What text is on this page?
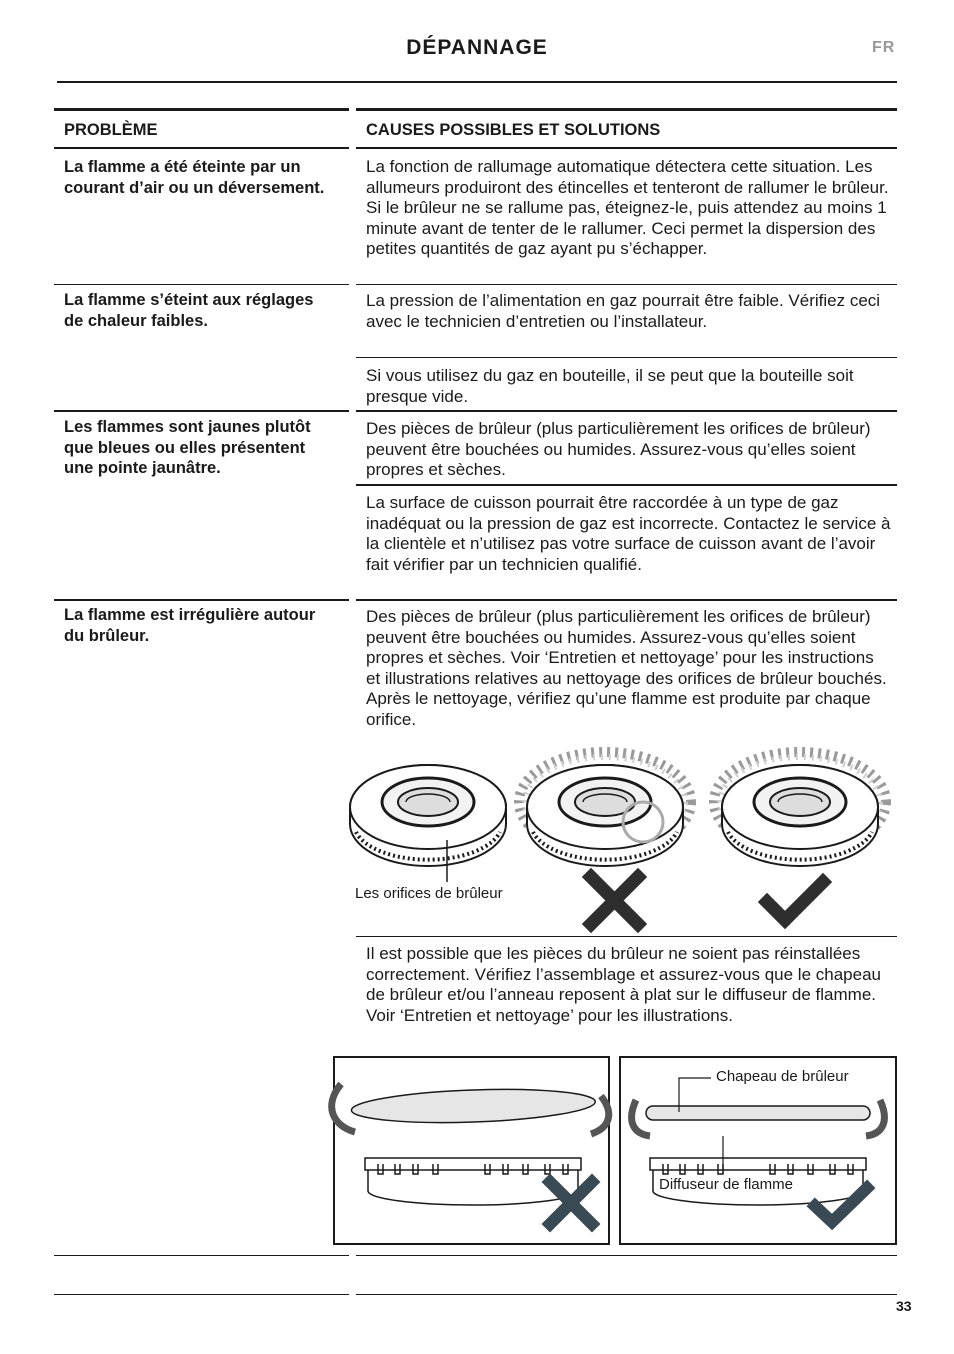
DÉPANNAGE	FR
PROBLÈME	CAUSES POSSIBLES ET SOLUTIONS
La flamme a été éteinte par un courant d’air ou un déversement.
La fonction de rallumage automatique détectera cette situation. Les allumeurs produiront des étincelles et tenteront de rallumer le brûleur. Si le brûleur ne se rallume pas, éteignez-le, puis attendez au moins 1 minute avant de tenter de le rallumer. Ceci permet la dispersion des petites quantités de gaz ayant pu s’échapper.
La flamme s’éteint aux réglages de chaleur faibles.
La pression de l’alimentation en gaz pourrait être faible. Vérifiez ceci avec le technicien d’entretien ou l’installateur.
Si vous utilisez du gaz en bouteille, il se peut que la bouteille soit presque vide.
Les flammes sont jaunes plutôt que bleues ou elles présentent une pointe jaunâtre.
Des pièces de brûleur (plus particulièrement les orifices de brûleur) peuvent être bouchées ou humides. Assurez-vous qu’elles soient propres et sèches.
La surface de cuisson pourrait être raccordée à un type de gaz inadéquat ou la pression de gaz est incorrecte. Contactez le service à la clientèle et n’utilisez pas votre surface de cuisson avant de l’avoir fait vérifier par un technicien qualifié.
La flamme est irrégulière autour du brûleur.
Des pièces de brûleur (plus particulièrement les orifices de brûleur) peuvent être bouchées ou humides. Assurez-vous qu’elles soient propres et sèches. Voir ‘Entretien et nettoyage’ pour les instructions et illustrations relatives au nettoyage des orifices de brûleur bouchés. Après le nettoyage, vérifiez qu’une flamme est produite par chaque orifice.
Les orifices de brûleur
Il est possible que les pièces du brûleur ne soient pas réinstallées correctement. Vérifiez l’assemblage et assurez-vous que le chapeau de brûleur et/ou l’anneau reposent à plat sur le diffuseur de flamme. Voir ‘Entretien et nettoyage’ pour les illustrations.
Chapeau de brûleur
Diffuseur de flamme
33
